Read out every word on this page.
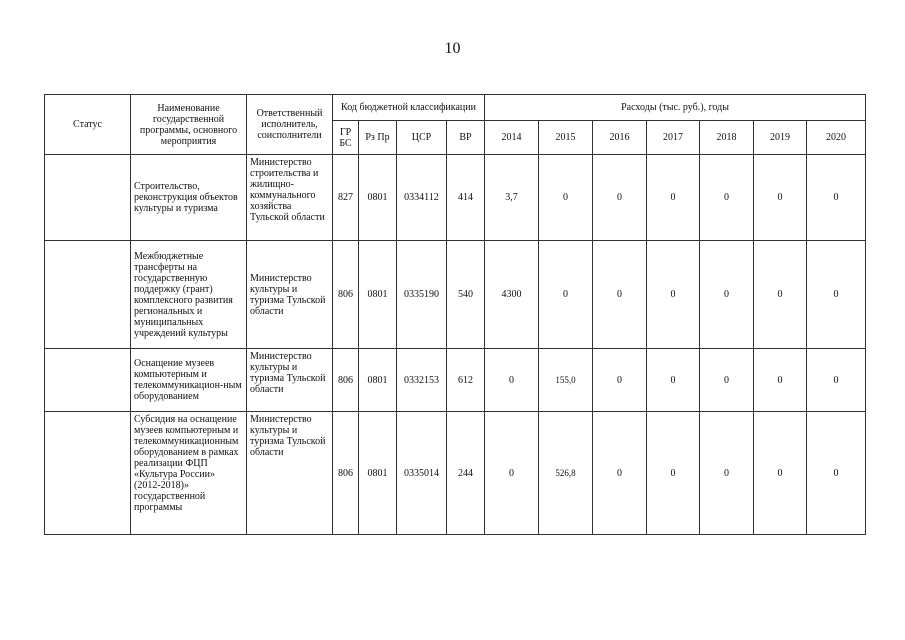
10
Статус	Наименование государственной программы, основного мероприятия	Ответственный исполнитель, соисполнители	Код бюджетной классификации				Расходы (тыс. руб.), годы						
			ГР БС	Рз Пр	ЦСР	ВР	2014	2015	2016	2017	2018	2019	2020
	Строительство, реконструкция объектов культуры и туризма	Министерство строительства и жилищно-коммунального хозяйства Тульской области	827	0801	0334112	414	3,7	0	0	0	0	0	0
	Межбюджетные трансферты на государственную поддержку (грант) комплексного развития региональных и муниципальных учреждений культуры	Министерство культуры и туризма Тульской области	806	0801	0335190	540	4300	0	0	0	0	0	0
	Оснащение музеев компьютерным и телекоммуникацион-ным оборудованием	Министерство культуры и туризма Тульской области	806	0801	0332153	612	0	155,0	0	0	0	0	0
	Субсидия на оснащение музеев компьютерным и телекоммуникационным оборудованием в рамках реализации ФЦП «Культура России» (2012-2018)» государственной программы	Министерство культуры и туризма Тульской области	806	0801	0335014	244	0	526,8	0	0	0	0	0
